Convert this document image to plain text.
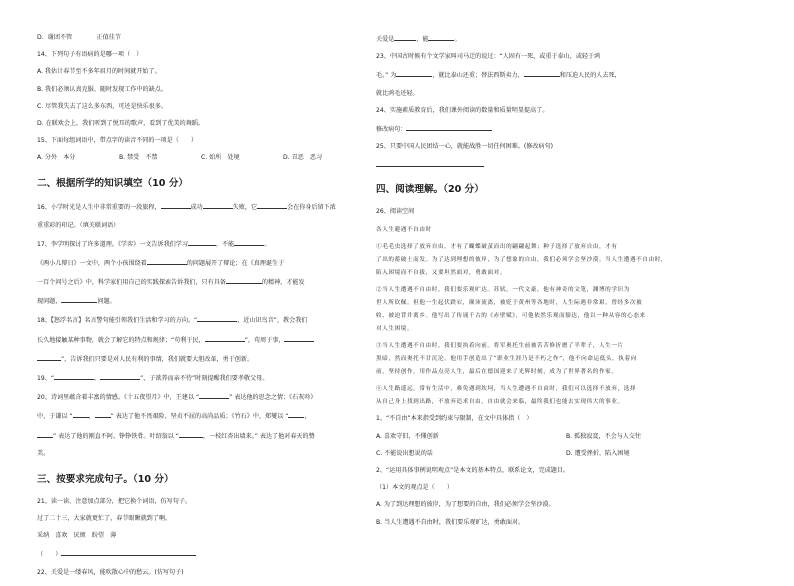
D．谢团不管　　　　正值佳节
14、下列句子有语病的是哪一项（　）
A. 我估计春节至不多年眉月的时间就开始了。
B. 我们必须认真克服、随时发现工作中的缺点。
C. 尽管我失去了这么多东西，可还是快乐很多。
D. 在联欢会上，我们听到了悦耳的歌声，看到了优美的舞蹈。
15、下面每组词语中，带点字的读音不同的一项是（　　）
A. 分外　本分	B. 禁受　不禁	C. 始所　处境	D. 丑恶　恶习
二、根据所学的知识填空（10 分）
16、小学时光是人生中非常重要的一段旅程，	成功	失败，它	会在你身后留下浓
重重彩的印记。（填关联词语）
17、李学明探讨了许多道理。《学弈》一文告诉我们学习	，不能	。
《两小儿辩日》一文中，两个小孩围绕着	的问题展开了辩论；在《真理诞生于
一百个问号之后》中，科学家们用自己的实践探索告诉我们，只有具备	的精神，才能发
现问题，	问题。
18、【怒浮名言】名言警句能引领我们生活和学习的方向。“	，近山识鸟音”，教会我们
长久地接触某种事物，就会了解它的特点和规律；“苟利于民，	”，苟周于事，
”，告诉我们只要是对人民有利的事情，我们就要大胆改革，勇于创新。
19、“	，	”，子欲养而亲不待”时刻提醒我们要孝敬父母。
20、诗词里蕴含着丰富的情感。《十五夜望月》中，王建以 “	” 表达他的思念之情；《石灰吟》
中，于谦以 “	，	” 表达了他不畏艰险、坚贞不屈的高尚品质；《竹石》中，郑燮以 “	，
” 表达了他的刚直不阿、铮铮铁骨。叶绍翁以 “	，一枝红杏出墙来。” 表达了他对春天的赞
美。
三、按要求完成句子。（10 分）
21、读一读，注意加点部分，把它换个词语，仿写句子。
过了二十三，大家就更忙了，春节眼瞅就到了啊。
采纳　喜欢　厌烦　盼望　薄
（　　）
22、关爱是一缕春风，能吹散心中的愁云。(仿写句子)
关爱是	，能	。
23、中国古时候有个文学家叫司马迁的说过：“人固有一死，或重于泰山，或轻于鸿
毛。” 为	，就比泰山还重；替法西斯卖力，	和压迫人民的人去死，
就比鸿毛还轻。
24、实施素质教育后，我们课外阅读的数量和质量明显提高了。
修改病句：
25、只要中国人民团结一心，就能战胜一切任何困难。(修改病句)
四、阅读理解。（20 分）
26、阅读空间
各人生避遇不自由时
①毛毛虫选择了放弃自由，才有了蝴蝶破茧而出的翩翩起舞；种子选择了放弃自由，才有
了出的蓄破土而发。为了达到理想的彼岸，为了想象的自由，我们必须学会坚沙漠。当人生遭遇不自由时，
陷入困境而不自拔，又要坦然面对，勇敢面对。
②当人生遭遇不自由时，我们要乐观旷达。苏轼，一代文豪，他有神奇的文笔，渊博的学识为
世人所钦佩。但他一生起伏跌宕，颠沛流离，被贬于黄州等各地时，人生际遇非常艰，曾经多次被
收、被迫背井离乡。他写出了传诵千古的《赤壁赋》，可他依然乐观而豁达，他以一种从容的心态来
对人生困境。
③当人生遭遇不自由时，我们要执着向前。将军奥托生前被苦苦修折磨了半辈子，人生一片
黑暗，然而奥托不甘沉沦。他用手创造出了“职业生涯乃是不朽之作”，他不向命运低头，执着向
前，坚持创作，用作品点亮人生，最后在德国迎来了光辉时刻，成为了世界著名的作家。
④人生路遥远，常有生活中，难免遇到坎坷，当人生遭遇不自由时，我们可以选择不放弃，选择
从自己身上找到出路，不放弃追求自由，自由就会来临，最终我们也能去实现伟大的事业。
1、“不自由”本来指受到约束与限制，在文中具体指（　）
A. 喜欢守旧，不懂创新	B. 孤独寂寞，不会与人交往
C. 不能说出想说的话	D. 遭受挫折，陷入困境
2、“运用具体事例说明观点”是本文的基本特点，联系论文，完成题目。
（1）本文的观点是（　　）
A. 为了到达理想的彼岸，为了想要的自由，我们必须学会坚沙漠。
B. 当人生遭遇不自由时，我们要乐观旷达，勇敢面对。
